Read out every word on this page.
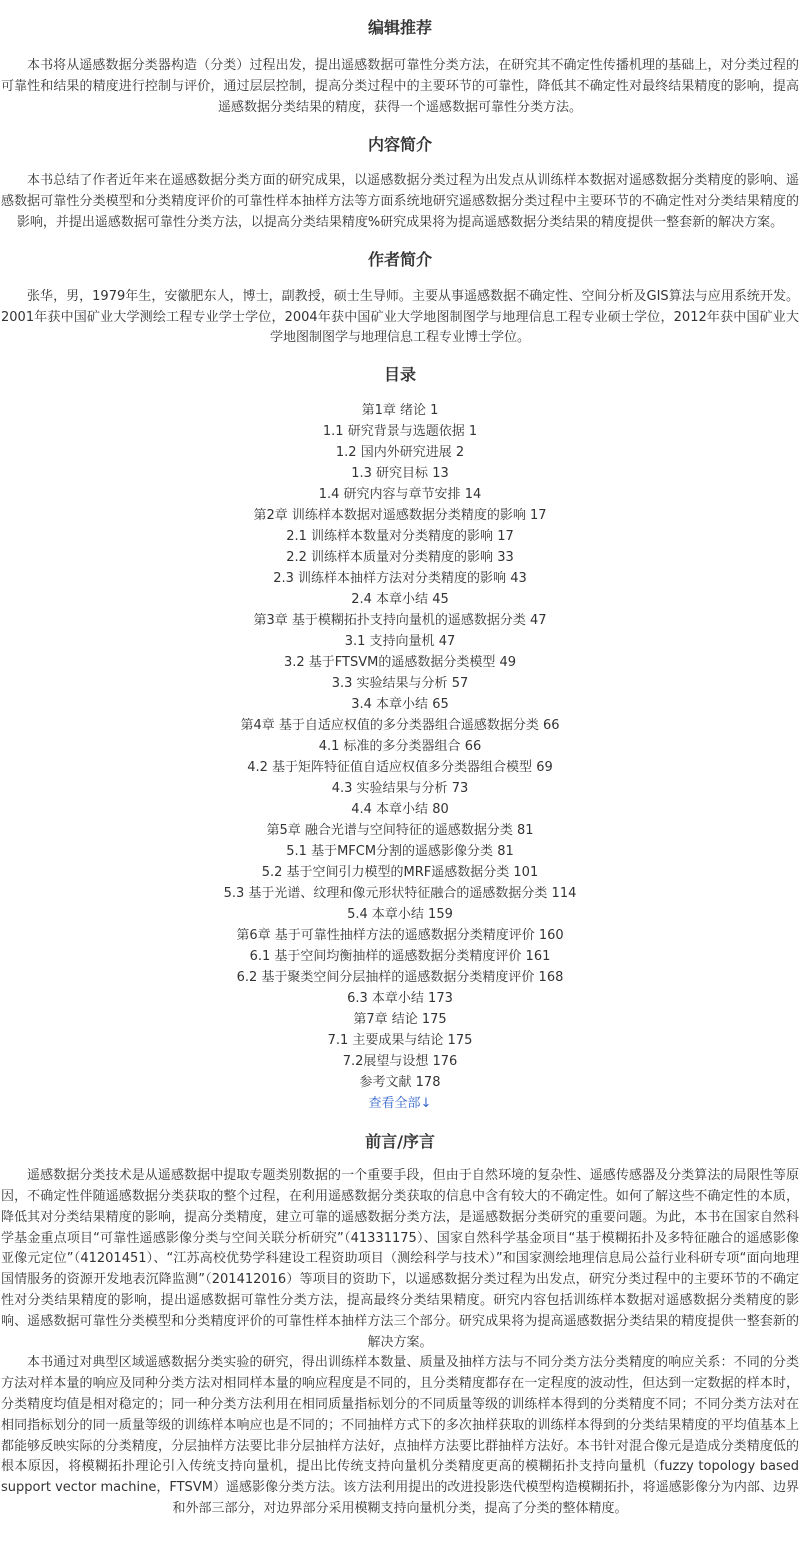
编辑推荐

本书将从遥感数据分类器构造（分类）过程出发，提出遥感数据可靠性分类方法，在研究其不确定性传播机理的基础上，对分类过程的可靠性和结果的精度进行控制与评价，通过层层控制，提高分类过程中的主要环节的可靠性，降低其不确定性对最终结果精度的影响，提高遥感数据分类结果的精度，获得一个遥感数据可靠性分类方法。

内容简介

本书总结了作者近年来在遥感数据分类方面的研究成果，以遥感数据分类过程为出发点从训练样本数据对遥感数据分类精度的影响、遥感数据可靠性分类模型和分类精度评价的可靠性样本抽样方法等方面系统地研究遥感数据分类过程中主要环节的不确定性对分类结果精度的影响，并提出遥感数据可靠性分类方法，以提高分类结果精度%研究成果将为提高遥感数据分类结果的精度提供一整套新的解决方案。

作者简介

张华，男，1979年生，安徽肥东人，博士，副教授，硕士生导师。主要从事遥感数据不确定性、空间分析及GIS算法与应用系统开发。2001年获中国矿业大学测绘工程专业学士学位，2004年获中国矿业大学地图制图学与地理信息工程专业硕士学位，2012年获中国矿业大学地图制图学与地理信息工程专业博士学位。

目录
第1章 绪论 1
1.1 研究背景与选题依据 1
1.2 国内外研究进展 2
1.3 研究目标 13
1.4 研究内容与章节安排 14
第2章 训练样本数据对遥感数据分类精度的影响 17
2.1 训练样本数量对分类精度的影响 17
2.2 训练样本质量对分类精度的影响 33
2.3 训练样本抽样方法对分类精度的影响 43
2.4 本章小结 45
第3章 基于模糊拓扑支持向量机的遥感数据分类 47
3.1 支持向量机 47
3.2 基于FTSVM的遥感数据分类模型 49
3.3 实验结果与分析 57
3.4 本章小结 65
第4章 基于自适应权值的多分类器组合遥感数据分类 66
4.1 标准的多分类器组合 66
4.2 基于矩阵特征值自适应权值多分类器组合模型 69
4.3 实验结果与分析 73
4.4 本章小结 80
第5章 融合光谱与空间特征的遥感数据分类 81
5.1 基于MFCM分割的遥感影像分类 81
5.2 基于空间引力模型的MRF遥感数据分类 101
5.3 基于光谱、纹理和像元形状特征融合的遥感数据分类 114
5.4 本章小结 159
第6章 基于可靠性抽样方法的遥感数据分类精度评价 160
6.1 基于空间均衡抽样的遥感数据分类精度评价 161
6.2 基于聚类空间分层抽样的遥感数据分类精度评价 168
6.3 本章小结 173
第7章 结论 175
7.1 主要成果与结论 175
7.2展望与设想 176
参考文献 178
查看全部↓
前言/序言

遥感数据分类技术是从遥感数据中提取专题类别数据的一个重要手段，但由于自然环境的复杂性、遥感传感器及分类算法的局限性等原因，不确定性伴随遥感数据分类获取的整个过程，在利用遥感数据分类获取的信息中含有较大的不确定性。如何了解这些不确定性的本质，降低其对分类结果精度的影响，提高分类精度，建立可靠的遥感数据分类方法，是遥感数据分类研究的重要问题。为此，本书在国家自然科学基金重点项目“可靠性遥感影像分类与空间关联分析研究”（41331175）、国家自然科学基金项目“基于模糊拓扑及多特征融合的遥感影像亚像元定位”（41201451）、“江苏高校优势学科建设工程资助项目（测绘科学与技术）”和国家测绘地理信息局公益行业科研专项“面向地理国情服务的资源开发地表沉降监测”（201412016）等项目的资助下，以遥感数据分类过程为出发点，研究分类过程中的主要环节的不确定性对分类结果精度的影响，提出遥感数据可靠性分类方法，提高最终分类结果精度。研究内容包括训练样本数据对遥感数据分类精度的影响、遥感数据可靠性分类模型和分类精度评价的可靠性样本抽样方法三个部分。研究成果将为提高遥感数据分类结果的精度提供一整套新的解决方案。

本书通过对典型区域遥感数据分类实验的研究，得出训练样本数量、质量及抽样方法与不同分类方法分类精度的响应关系：不同的分类方法对样本量的响应及同种分类方法对相同样本量的响应程度是不同的，且分类精度都存在一定程度的波动性，但达到一定数据的样本时，分类精度均值是相对稳定的；同一种分类方法利用在相同质量指标划分的不同质量等级的训练样本得到的分类精度不同；不同分类方法对在相同指标划分的同一质量等级的训练样本响应也是不同的；不同抽样方式下的多次抽样获取的训练样本得到的分类结果精度的平均值基本上都能够反映实际的分类精度，分层抽样方法要比非分层抽样方法好，点抽样方法要比群抽样方法好。本书针对混合像元是造成分类精度低的根本原因，将模糊拓扑理论引入传统支持向量机，提出比传统支持向量机分类精度更高的模糊拓扑支持向量机（fuzzy topology based support vector machine，FTSVM）遥感影像分类方法。该方法利用提出的改进投影迭代模型构造模糊拓扑，将遥感影像分为内部、边界和外部三部分，对边界部分采用模糊支持向量机分类，提高了分类的整体精度。
